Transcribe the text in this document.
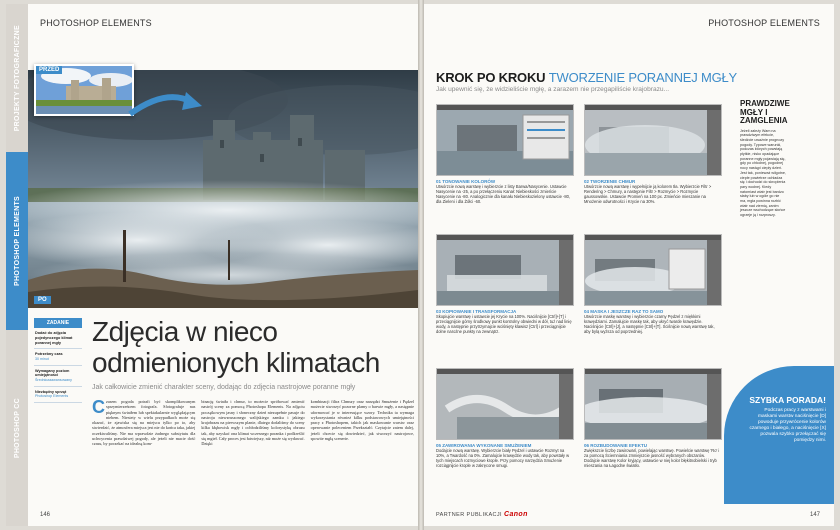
PROJEKTY FOTOGRAFICZNE
PHOTOSHOP ELEMENTS
PHOTOSHOP CC
PHOTOSHOP ELEMENTS
PRZED
PO
ZADANIE
Dodać do zdjęcia pojedynczego klimat porannej mgły
Potrzebny czas
30 minut
Wymagany poziom umiejętności
Średniozaawansowany
Niezbędny sprzęt
Photoshop Elements
Zdjęcia w nieco odmienionych klimatach
Jak całkowicie zmienić charakter sceny, dodając do zdjęcia nastrojowe poranne mgły
Czasem pogoda potrafi być skomplikowanym sprzymierzeńcem fotografa. Sfotografuje nas pięknym światłem lub spektakularnie wyglądającym niebem. Niestety w wielu przypadkach może się okazać, że zjawiska się na miejscu tylko po to, aby stwierdzić, że atmosfera miejsca jest nie do końca taka, jakiej oczekiwaliśmy. Nie ma wprawdzie żadnego substytutu dla uchwycenia prawdziwej pogody, ale jeżeli nie macie dość czasu, by poczekać na idealną kom-
binację światła i chmur, to możecie spróbować zmienić nastrój sceny za pomocą Photoshopa Elements. Na zdjęciu początkowym jasny i słoneczny dzień niezupełnie pasuje do nastroju niewzruszonego walijskiego zamku i jakiego krajobrazu na pierwszym planie, dlatego dodaliśmy do sceny kilka kłębowisk mgły i ochłodziliśmy kolorystykę obrazu tak, aby uzyskać ona klimat wczesnego poranka i podkreślić się mgieł. Cały proces jest łatwiejszy, niż może się wydawać. Dzięki
kombinacji filtra Chmury oraz narzędzi Smużenie i Pędzel możecie stworzyć pozorne plamy o barwie mgły, a następnie uformować je w interesujące wzory. Technika ta wymaga wykorzystania również kilku podstawowych umiejętności pracy z Photoshopem, takich jak maskowanie warstw oraz operowanie poleceniem Przekształć. Czytajcie zatem dalej, jeżeli chcecie się dowiedzieć, jak stworzyć nastrojowe, spowite mgłą scenerie.
146
PHOTOSHOP ELEMENTS
KROK PO KROKU TWORZENIE PORANNEJ MGŁY
Jak upewnić się, że widzieliście mgłę, a zarazem nie przegapiliście krajobrazu...
01 TONOWANIE KOLORÓW

Utwórzcie nową warstwę i wybierzcie z listy Barwa/Nasycenie. Ustawcie Nasycenie na -25, a po przełączeniu Kanał: Niebieskości zmieńcie Nasycenie na -80. Analogicznie dla kanału Niebieskozielony ustawcie -80, dla Zieleni i dla Żółci -60.

02 TWORZENIE CHMUR

Utwórzcie nową warstwę i wypełnijcie ją kolorem tła. Wybierzcie Filtr > Rendering > Chmury, a następnie Filtr > Rozmycie > Rozmycie gaussowskie. Ustawcie Promień na 100 px. Zmieńcie mieszanie na Mnożenie odwrotności i Krycie na 30%.

03 KOPIOWANIE I TRANSFORMACJA

Skopiujcie warstwę i ustawcie jej Krycie na 100%. Naciśnijcie [Ctrl]+[T] i przeciągnijcie górny środkowy punkt kontrolny obwiedni w dół, tuż nad linię wody, a następnie przytrzymajcie wciśnięty klawisz [Ctrl] i przeciągnijcie dolne narożne punkty na zewnątrz.

04 MASKA I JESZCZE RAZ TO SAMO

Utwórzcie maskę warstwy i wybierzcie czarny Pędzel z miękkimi krawędziami. Zamalujcie maskę tak, aby ukryć twarde krawędzie. Naciśnijcie [Ctrl]+[J], a następnie [Ctrl]+[T]. Ściśnijcie nową warstwę tak, aby bylą wyższa od poprzedniej.

05 ZAWIROWANIA WYKONANE SMUŻENIEM

Dodajcie nową warstwę. Wybierzcie biały Pędzel i ustawcie Rozmyt na 10%, a Twardość na 0%. Zamalujcie krawędzie wody tak, aby powstały w tych miejscach rozmyciowe krople. Przy pomocy narzędzia Smużenie rozciągnijcie krople w zakręcone smugi.

06 ROZBUDOWANIE EFEKTU

Zwiększcie liczbę zawirowań, powielając warstwę. Powielcie warstwę 'Ro' i za pomocą Ściemniania zmniejszcie jasność wybranych obszarów. Dodajcie warstwę Kolor kryjący, ustawcie w niej kolor błękitnobielski i tryb mieszania na Łagodne światło.

PRAWDZIWE MGŁY I ZAMGLENIA

Jeżeli zależy Wam na prawdziwym efekcie, śledźcie uważnie prognozy pogody. Typowe warunki, podczas których powstają płytkie, nisko opadające poranne mgły pojawiają się, gdy po chłodnej, pogodnej nocy nastąpi ciepły dzień. Jest tak, ponieważ wilgotne, ciepłe powietrze ochładza się i dochodzi do skroplenia pary wodnej. Kiedy natomiast wiatr jest bardzo słaby lub w ogóle go nie ma, mgła powinna rozbić wiatr nad ziemią, zanim jeszcze wschodzące słońce ogrzeje ją i rozproszy.

SZYBKA PORADA!

Podczas pracy z warstwami i maskami warstw naciśnięcie [D] powoduje przywrócenie kolorów czarnego i białego, a naciśnięcie [X] pozwala szybko przełączać się pomiędzy nimi.

PARTNER PUBLIKACJI Canon	147
